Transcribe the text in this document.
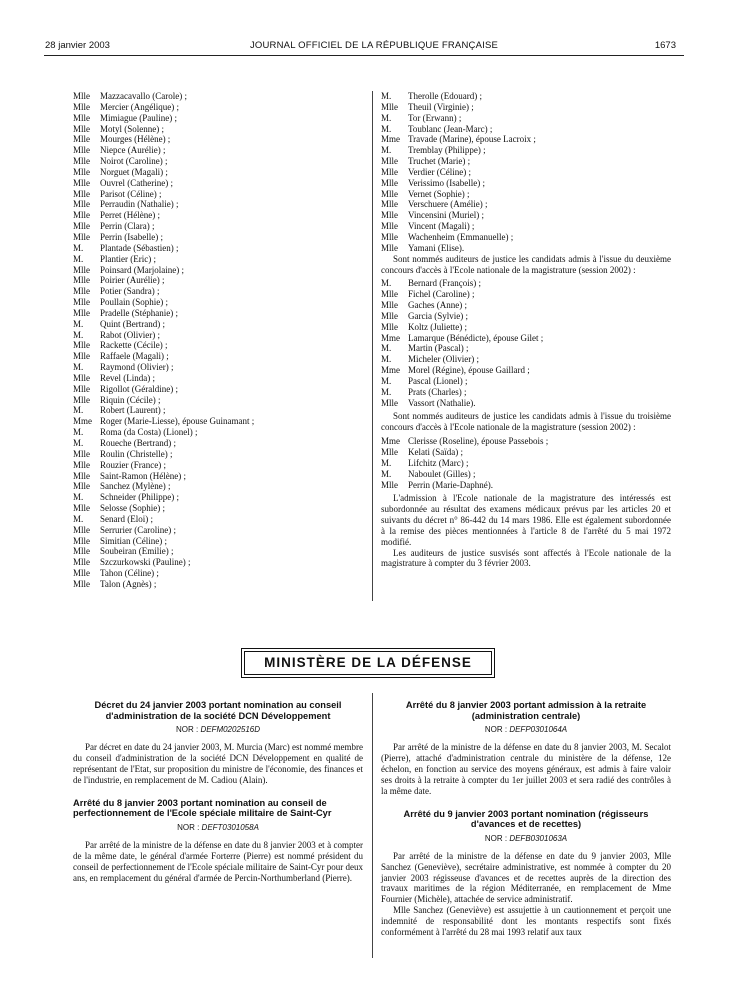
28 janvier 2003	JOURNAL OFFICIEL DE LA RÉPUBLIQUE FRANÇAISE	1673
Mlle Mazzacavallo (Carole) ;
Mlle Mercier (Angélique) ;
Mlle Mimiague (Pauline) ;
Mlle Motyl (Solenne) ;
Mlle Mourges (Hélène) ;
Mlle Niepce (Aurélie) ;
Mlle Noirot (Caroline) ;
Mlle Norguet (Magali) ;
Mlle Ouvrel (Catherine) ;
Mlle Parisot (Céline) ;
Mlle Perraudin (Nathalie) ;
Mlle Perret (Hélène) ;
Mlle Perrin (Clara) ;
Mlle Perrin (Isabelle) ;
M. Plantade (Sébastien) ;
M. Plantier (Eric) ;
Mlle Poinsard (Marjolaine) ;
Mlle Poirier (Aurélie) ;
Mlle Potier (Sandra) ;
Mlle Poullain (Sophie) ;
Mlle Pradelle (Stéphanie) ;
M. Quint (Bertrand) ;
M. Rabot (Olivier) ;
Mlle Rackette (Cécile) ;
Mlle Raffaele (Magali) ;
M. Raymond (Olivier) ;
Mlle Revel (Linda) ;
Mlle Rigollot (Géraldine) ;
Mlle Riquin (Cécile) ;
M. Robert (Laurent) ;
Mme Roger (Marie-Liesse), épouse Guinamant ;
M. Roma (da Costa) (Lionel) ;
M. Roueche (Bertrand) ;
Mlle Roulin (Christelle) ;
Mlle Rouzier (France) ;
Mlle Saint-Ramon (Hélène) ;
Mlle Sanchez (Mylène) ;
M. Schneider (Philippe) ;
Mlle Selosse (Sophie) ;
M. Senard (Eloi) ;
Mlle Serrurier (Caroline) ;
Mlle Simitian (Céline) ;
Mlle Soubeiran (Emilie) ;
Mlle Szczurkowski (Pauline) ;
Mlle Tahon (Céline) ;
Mlle Talon (Agnès) ;
M. Therolle (Edouard) ;
Mlle Theuil (Virginie) ;
M. Tor (Erwann) ;
M. Toublanc (Jean-Marc) ;
Mme Travade (Marine), épouse Lacroix ;
M. Tremblay (Philippe) ;
Mlle Truchet (Marie) ;
Mlle Verdier (Céline) ;
Mlle Verissimo (Isabelle) ;
Mlle Vernet (Sophie) ;
Mlle Verschuere (Amélie) ;
Mlle Vincensini (Muriel) ;
Mlle Vincent (Magali) ;
Mlle Wachenheim (Emmanuelle) ;
Mlle Yamani (Elise).

Sont nommés auditeurs de justice les candidats admis à l'issue du deuxième concours d'accès à l'Ecole nationale de la magistrature (session 2002) :

M. Bernard (François) ;
Mlle Fichel (Caroline) ;
Mlle Gaches (Anne) ;
Mlle Garcia (Sylvie) ;
Mlle Koltz (Juliette) ;
Mme Lamarque (Bénédicte), épouse Gilet ;
M. Martin (Pascal) ;
M. Micheler (Olivier) ;
Mme Morel (Régine), épouse Gaillard ;
M. Pascal (Lionel) ;
M. Prats (Charles) ;
Mlle Vassort (Nathalie).

Sont nommés auditeurs de justice les candidats admis à l'issue du troisième concours d'accès à l'Ecole nationale de la magistrature (session 2002) :

Mme Clerisse (Roseline), épouse Passebois ;
Mlle Kelati (Saïda) ;
M. Lifchitz (Marc) ;
M. Naboulet (Gilles) ;
Mlle Perrin (Marie-Daphné).

L'admission à l'Ecole nationale de la magistrature des intéressés est subordonnée au résultat des examens médicaux prévus par les articles 20 et suivants du décret n° 86-442 du 14 mars 1986. Elle est également subordonnée à la remise des pièces mentionnées à l'article 8 de l'arrêté du 5 mai 1972 modifié.

Les auditeurs de justice susvisés sont affectés à l'Ecole nationale de la magistrature à compter du 3 février 2003.

MINISTÈRE DE LA DÉFENSE

Décret du 24 janvier 2003 portant nomination au conseil d'administration de la société DCN Développement

NOR : DEFM0202516D

Par décret en date du 24 janvier 2003, M. Murcia (Marc) est nommé membre du conseil d'administration de la société DCN Développement en qualité de représentant de l'Etat, sur proposition du ministre de l'économie, des finances et de l'industrie, en remplacement de M. Cadiou (Alain).

Arrêté du 8 janvier 2003 portant nomination au conseil de perfectionnement de l'Ecole spéciale militaire de Saint-Cyr

NOR : DEFT0301058A

Par arrêté de la ministre de la défense en date du 8 janvier 2003 et à compter de la même date, le général d'armée Forterre (Pierre) est nommé président du conseil de perfectionnement de l'Ecole spéciale militaire de Saint-Cyr pour deux ans, en remplacement du général d'armée de Percin-Northumberland (Pierre).

Arrêté du 8 janvier 2003 portant admission à la retraite (administration centrale)

NOR : DEFP0301064A

Par arrêté de la ministre de la défense en date du 8 janvier 2003, M. Secalot (Pierre), attaché d'administration centrale du ministère de la défense, 12e échelon, en fonction au service des moyens généraux, est admis à faire valoir ses droits à la retraite à compter du 1er juillet 2003 et sera radié des contrôles à la même date.

Arrêté du 9 janvier 2003 portant nomination (régisseurs d'avances et de recettes)

NOR : DEFB0301063A

Par arrêté de la ministre de la défense en date du 9 janvier 2003, Mlle Sanchez (Geneviève), secrétaire administrative, est nommée à compter du 20 janvier 2003 régisseuse d'avances et de recettes auprès de la direction des travaux maritimes de la région Méditerranée, en remplacement de Mme Fournier (Michèle), attachée de service administratif.

Mlle Sanchez (Geneviève) est assujettie à un cautionnement et perçoit une indemnité de responsabilité dont les montants respectifs sont fixés conformément à l'arrêté du 28 mai 1993 relatif aux taux
